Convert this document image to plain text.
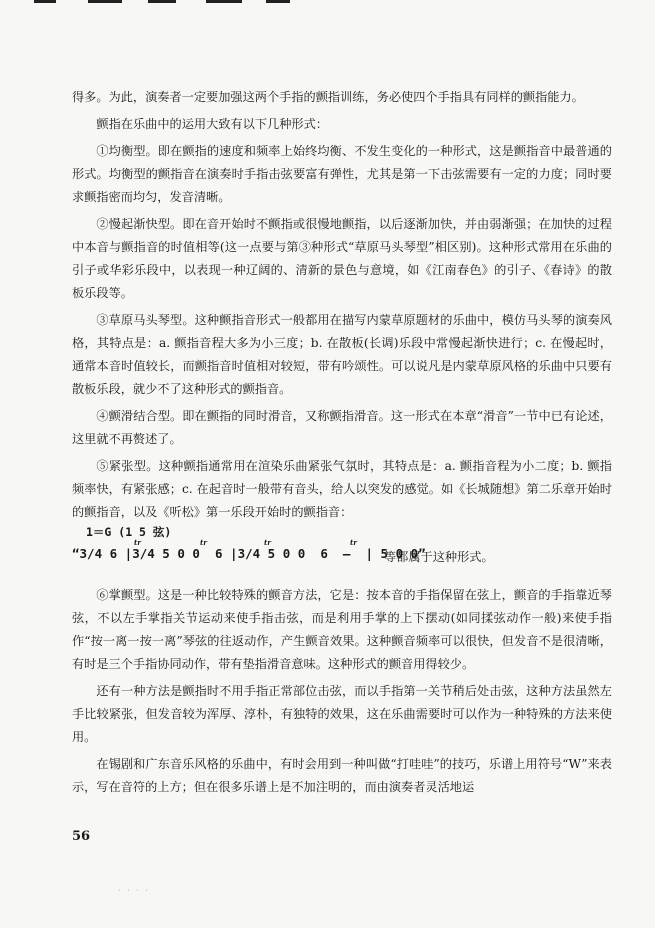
得多。为此，演奏者一定要加强这两个手指的颤指训练，务必使四个手指具有同样的颤指能力。

颤指在乐曲中的运用大致有以下几种形式：

①均衡型。即在颤指的速度和频率上始终均衡、不发生变化的一种形式，这是颤指音中最普通的形式。均衡型的颤指音在演奏时手指击弦要富有弹性，尤其是第一下击弦需要有一定的力度；同时要求颤指密而均匀，发音清晰。

②慢起渐快型。即在音开始时不颤指或很慢地颤指，以后逐渐加快，并由弱渐强；在加快的过程中本音与颤指音的时值相等(这一点要与第③种形式“草原马头琴型”相区别)。这种形式常用在乐曲的引子或华彩乐段中，以表现一种辽阔的、清新的景色与意境，如《江南春色》的引子、《春诗》的散板乐段等。

③草原马头琴型。这种颤指音形式一般都用在描写内蒙草原题材的乐曲中，模仿马头琴的演奏风格，其特点是：a. 颤指音程大多为小三度；b. 在散板(长调)乐段中常慢起渐快进行；c. 在慢起时，通常本音时值较长，而颤指音时值相对较短，带有吟颂性。可以说凡是内蒙草原风格的乐曲中只要有散板乐段，就少不了这种形式的颤指音。

④颤滑结合型。即在颤指的同时滑音，又称颤指滑音。这一形式在本章“滑音”一节中已有论述，这里就不再赘述了。

⑤紧张型。这种颤指通常用在渲染乐曲紧张气氛时，其特点是：a. 颤指音程为小二度；b. 颤指频率快，有紧张感；c. 在起音时一般带有音头，给人以突发的感觉。如《长城随想》第二乐章开始时的颤指音，以及《听松》第一乐段开始时的颤指音：

1＝G (1 5 弦)
tr	tr	tr	tr
“3/4 6 |3/4 5 0 0  6 |3/4 5 0 0  6  –  | 5 0 0”
等都属于这种形式。

⑥掌颤型。这是一种比较特殊的颤音方法，它是：按本音的手指保留在弦上，颤音的手指靠近琴弦，不以左手掌指关节运动来使手指击弦，而是利用手掌的上下摆动(如同揉弦动作一般)来使手指作“按一离一按一离”琴弦的往返动作，产生颤音效果。这种颤音频率可以很快，但发音不是很清晰，有时是三个手指协同动作，带有垫指滑音意味。这种形式的颤音用得较少。

还有一种方法是颤指时不用手指正常部位击弦，而以手指第一关节稍后处击弦，这种方法虽然左手比较紧张，但发音较为浑厚、淳朴，有独特的效果，这在乐曲需要时可以作为一种特殊的方法来使用。

在锡剧和广东音乐风格的乐曲中，有时会用到一种叫做“打哇哇”的技巧，乐谱上用符号“W”来表示，写在音符的上方；但在很多乐谱上是不加注明的，而由演奏者灵活地运

56
· · · ·
